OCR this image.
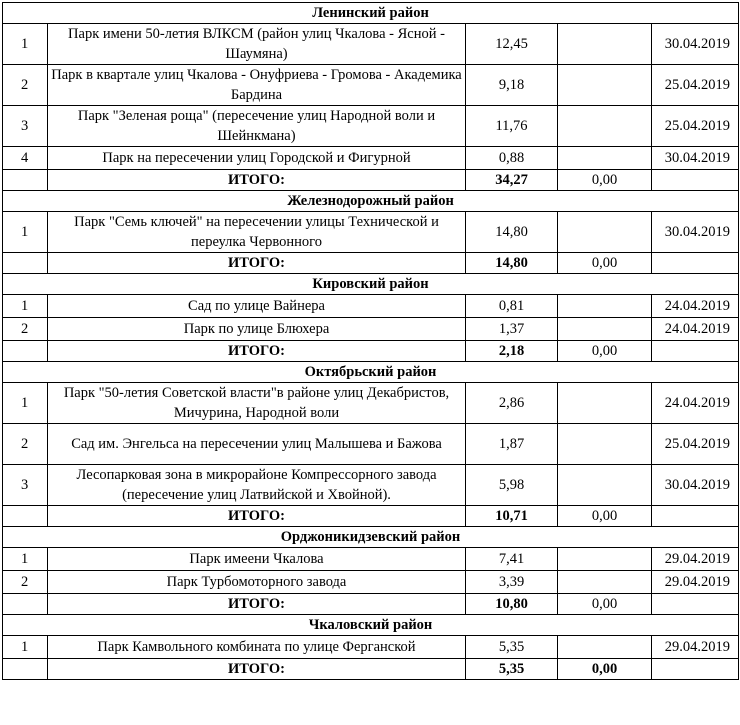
Ленинский район				
1	Парк имени 50-летия ВЛКСМ (район улиц Чкалова - Ясной - Шаумяна)	12,45		30.04.2019
2	Парк в квартале улиц Чкалова - Онуфриева - Громова - Академика Бардина	9,18		25.04.2019
3	Парк "Зеленая роща" (пересечение улиц Народной воли и Шейнкмана)	11,76		25.04.2019
4	Парк на пересечении улиц Городской и Фигурной	0,88		30.04.2019
	ИТОГО:	34,27	0,00	
Железнодорожный район				
1	Парк "Семь ключей" на пересечении улицы Технической и переулка Червонного	14,80		30.04.2019
	ИТОГО:	14,80	0,00	
Кировский район				
1	Сад по улице Вайнера	0,81		24.04.2019
2	Парк по улице Блюхера	1,37		24.04.2019
	ИТОГО:	2,18	0,00	
Октябрьский район				
1	Парк "50-летия Советской власти"в районе улиц Декабристов, Мичурина, Народной воли	2,86		24.04.2019
2	Сад им. Энгельса на пересечении улиц Малышева и Бажова	1,87		25.04.2019
3	Лесопарковая зона в микрорайоне Компрессорного завода (пересечение улиц Латвийской и Хвойной).	5,98		30.04.2019
	ИТОГО:	10,71	0,00	
Орджоникидзевский район				
1	Парк имеени Чкалова	7,41		29.04.2019
2	Парк Турбомоторного завода	3,39		29.04.2019
	ИТОГО:	10,80	0,00	
Чкаловский район				
1	Парк Камвольного комбината по улице Ферганской	5,35		29.04.2019
	ИТОГО:	5,35	0,00	
